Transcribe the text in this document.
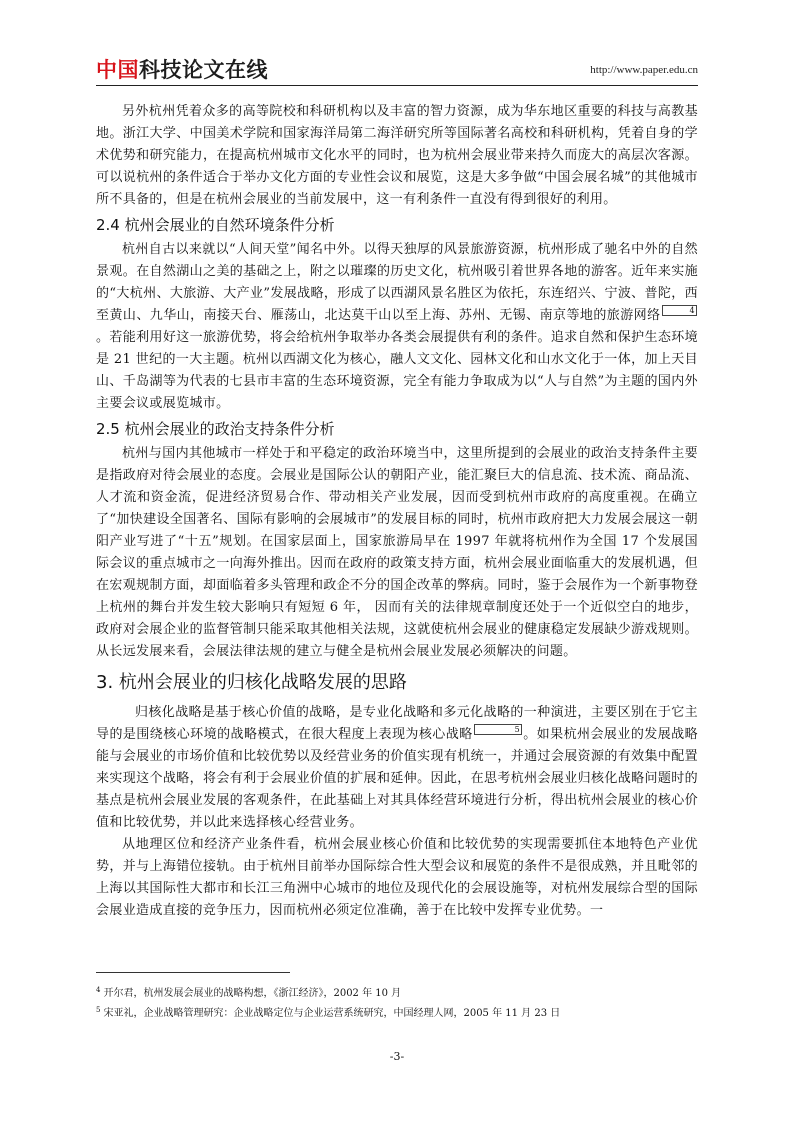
中国科技论文在线	http://www.paper.edu.cn

另外杭州凭着众多的高等院校和科研机构以及丰富的智力资源，成为华东地区重要的科技与高教基地。浙江大学、中国美术学院和国家海洋局第二海洋研究所等国际著名高校和科研机构，凭着自身的学术优势和研究能力，在提高杭州城市文化水平的同时，也为杭州会展业带来持久而庞大的高层次客源。可以说杭州的条件适合于举办文化方面的专业性会议和展览，这是大多争做“中国会展名城”的其他城市所不具备的，但是在杭州会展业的当前发展中，这一有利条件一直没有得到很好的利用。

2.4 杭州会展业的自然环境条件分析

杭州自古以来就以“人间天堂”闻名中外。以得天独厚的风景旅游资源，杭州形成了驰名中外的自然景观。在自然湖山之美的基础之上，附之以璀璨的历史文化，杭州吸引着世界各地的游客。近年来实施的“大杭州、大旅游、大产业”发展战略，形成了以西湖风景名胜区为依托，东连绍兴、宁波、普陀，西至黄山、九华山，南接天台、雁荡山，北达莫干山以至上海、苏州、无锡、南京等地的旅游网络	$^4$。若能利用好这一旅游优势，将会给杭州争取举办各类会展提供有利的条件。追求自然和保护生态环境是 21 世纪的一大主题。杭州以西湖文化为核心，融人文文化、园林文化和山水文化于一体，加上天目山、千岛湖等为代表的七县市丰富的生态环境资源，完全有能力争取成为以“人与自然”为主题的国内外主要会议或展览城市。

2.5 杭州会展业的政治支持条件分析

杭州与国内其他城市一样处于和平稳定的政治环境当中，这里所提到的会展业的政治支持条件主要是指政府对待会展业的态度。会展业是国际公认的朝阳产业，能汇聚巨大的信息流、技术流、商品流、人才流和资金流，促进经济贸易合作、带动相关产业发展，因而受到杭州市政府的高度重视。在确立了“加快建设全国著名、国际有影响的会展城市”的发展目标的同时，杭州市政府把大力发展会展这一朝阳产业写进了“十五”规划。在国家层面上，国家旅游局早在 1997 年就将杭州作为全国 17 个发展国际会议的重点城市之一向海外推出。因而在政府的政策支持方面，杭州会展业面临重大的发展机遇，但在宏观规制方面，却面临着多头管理和政企不分的国企改革的弊病。同时，鉴于会展作为一个新事物登上杭州的舞台并发生较大影响只有短短 6 年， 因而有关的法律规章制度还处于一个近似空白的地步，政府对会展企业的监督管制只能采取其他相关法规，这就使杭州会展业的健康稳定发展缺少游戏规则。从长远发展来看，会展法律法规的建立与健全是杭州会展业发展必须解决的问题。

3. 杭州会展业的归核化战略发展的思路

归核化战略是基于核心价值的战略，是专业化战略和多元化战略的一种演进，主要区别在于它主导的是围绕核心环境的战略模式，在很大程度上表现为核心战略	$^5$ 。如果杭州会展业的发展战略能与会展业的市场价值和比较优势以及经营业务的价值实现有机统一，并通过会展资源的有效集中配置来实现这个战略，将会有利于会展业价值的扩展和延伸。因此，在思考杭州会展业归核化战略问题时的基点是杭州会展业发展的客观条件，在此基础上对其具体经营环境进行分析，得出杭州会展业的核心价值和比较优势，并以此来选择核心经营业务。

从地理区位和经济产业条件看，杭州会展业核心价值和比较优势的实现需要抓住本地特色产业优势，并与上海错位接轨。由于杭州目前举办国际综合性大型会议和展览的条件不是很成熟，并且毗邻的上海以其国际性大都市和长江三角洲中心城市的地位及现代化的会展设施等，对杭州发展综合型的国际会展业造成直接的竞争压力，因而杭州必须定位准确，善于在比较中发挥专业优势。一

$^4$ 开尔君，杭州发展会展业的战略构想，《浙江经济》，2002 年 10 月
$^5$ 宋亚礼，企业战略管理研究：企业战略定位与企业运营系统研究，中国经理人网，2005 年 11 月 23 日
-3-
